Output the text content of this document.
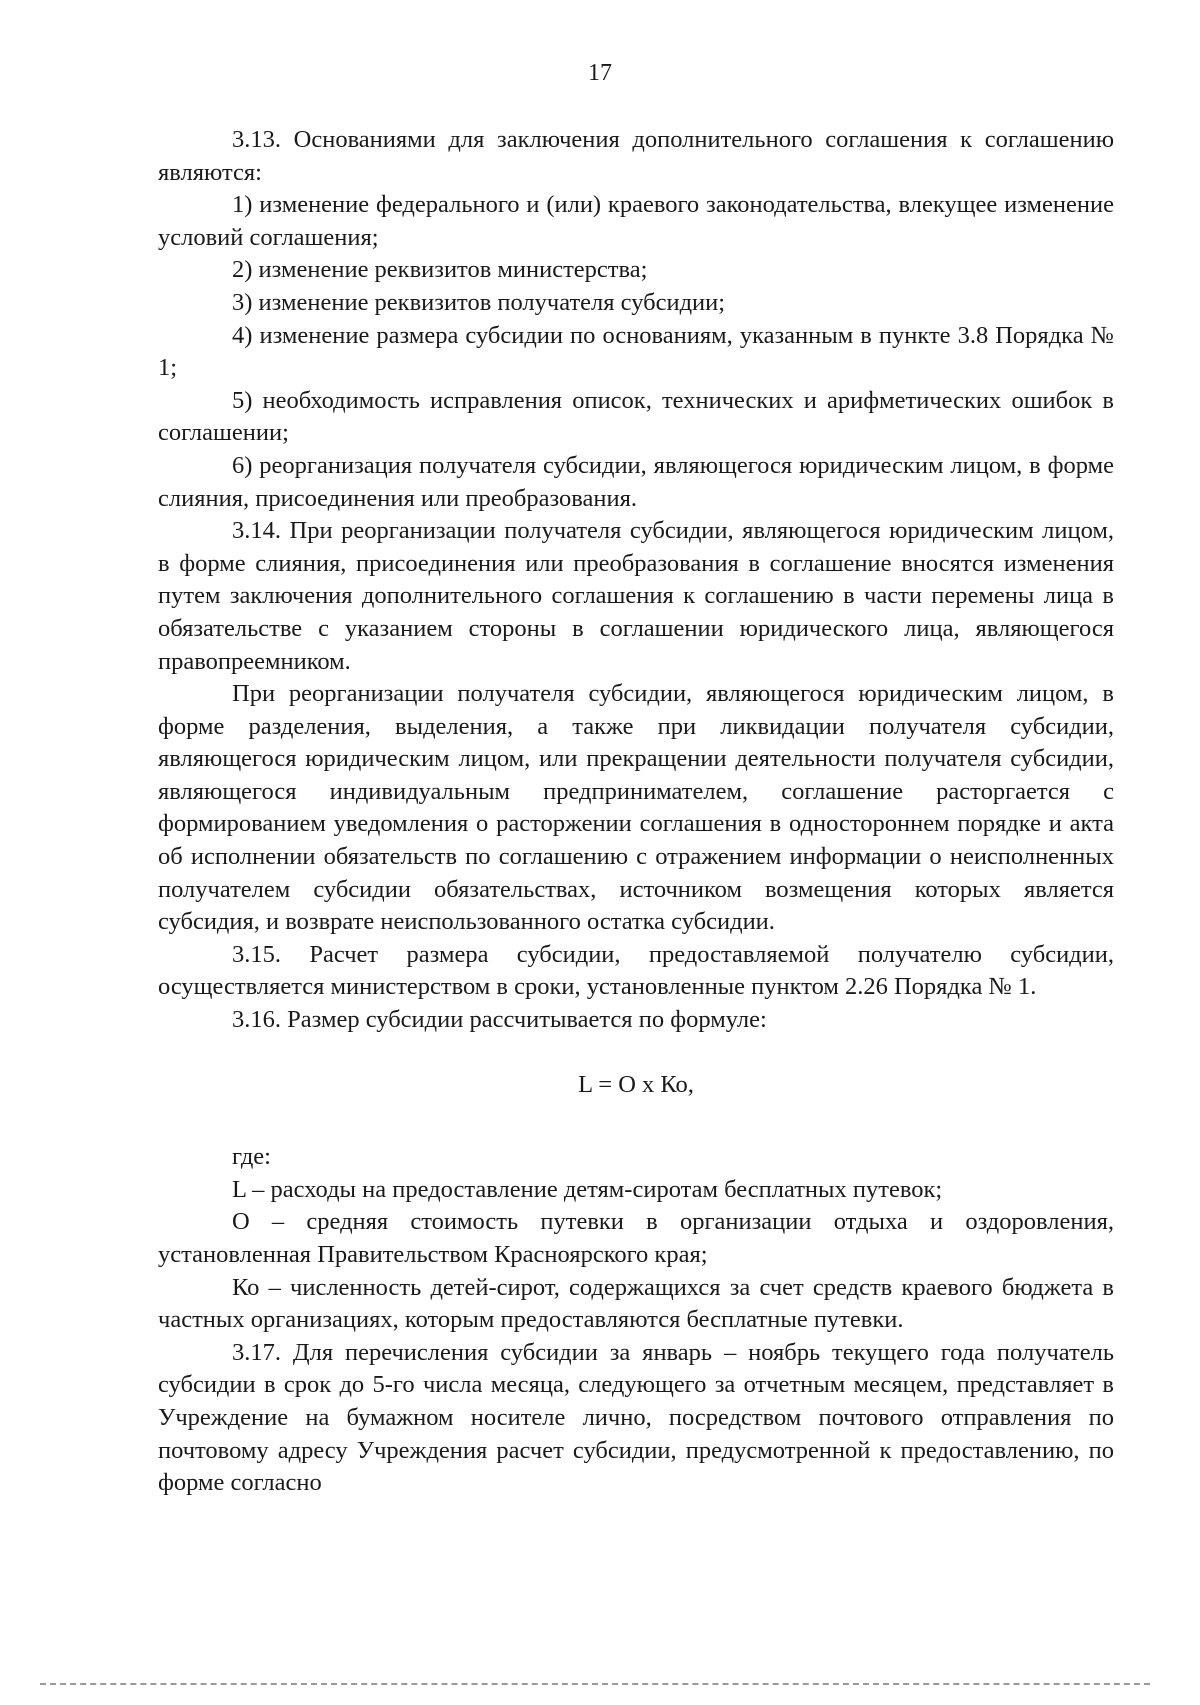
17

3.13. Основаниями для заключения дополнительного соглашения к соглашению являются:

1) изменение федерального и (или) краевого законодательства, влекущее изменение условий соглашения;

2) изменение реквизитов министерства;

3) изменение реквизитов получателя субсидии;

4) изменение размера субсидии по основаниям, указанным в пункте 3.8 Порядка № 1;

5) необходимость исправления описок, технических и арифметических ошибок в соглашении;

6) реорганизация получателя субсидии, являющегося юридическим лицом, в форме слияния, присоединения или преобразования.

3.14. При реорганизации получателя субсидии, являющегося юридическим лицом, в форме слияния, присоединения или преобразования в соглашение вносятся изменения путем заключения дополнительного соглашения к соглашению в части перемены лица в обязательстве с указанием стороны в соглашении юридического лица, являющегося правопреемником.

При реорганизации получателя субсидии, являющегося юридическим лицом, в форме разделения, выделения, а также при ликвидации получателя субсидии, являющегося юридическим лицом, или прекращении деятельности получателя субсидии, являющегося индивидуальным предпринимателем, соглашение расторгается с формированием уведомления о расторжении соглашения в одностороннем порядке и акта об исполнении обязательств по соглашению с отражением информации о неисполненных получателем субсидии обязательствах, источником возмещения которых является субсидия, и возврате неиспользованного остатка субсидии.

3.15. Расчет размера субсидии, предоставляемой получателю субсидии, осуществляется министерством в сроки, установленные пунктом 2.26 Порядка № 1.

3.16. Размер субсидии рассчитывается по формуле:

L = O x Ко,

где:

L – расходы на предоставление детям-сиротам бесплатных путевок;

O – средняя стоимость путевки в организации отдыха и оздоровления, установленная Правительством Красноярского края;

Ко – численность детей-сирот, содержащихся за счет средств краевого бюджета в частных организациях, которым предоставляются бесплатные путевки.

3.17. Для перечисления субсидии за январь – ноябрь текущего года получатель субсидии в срок до 5-го числа месяца, следующего за отчетным месяцем, представляет в Учреждение на бумажном носителе лично, посредством почтового отправления по почтовому адресу Учреждения расчет субсидии, предусмотренной к предоставлению, по форме согласно
